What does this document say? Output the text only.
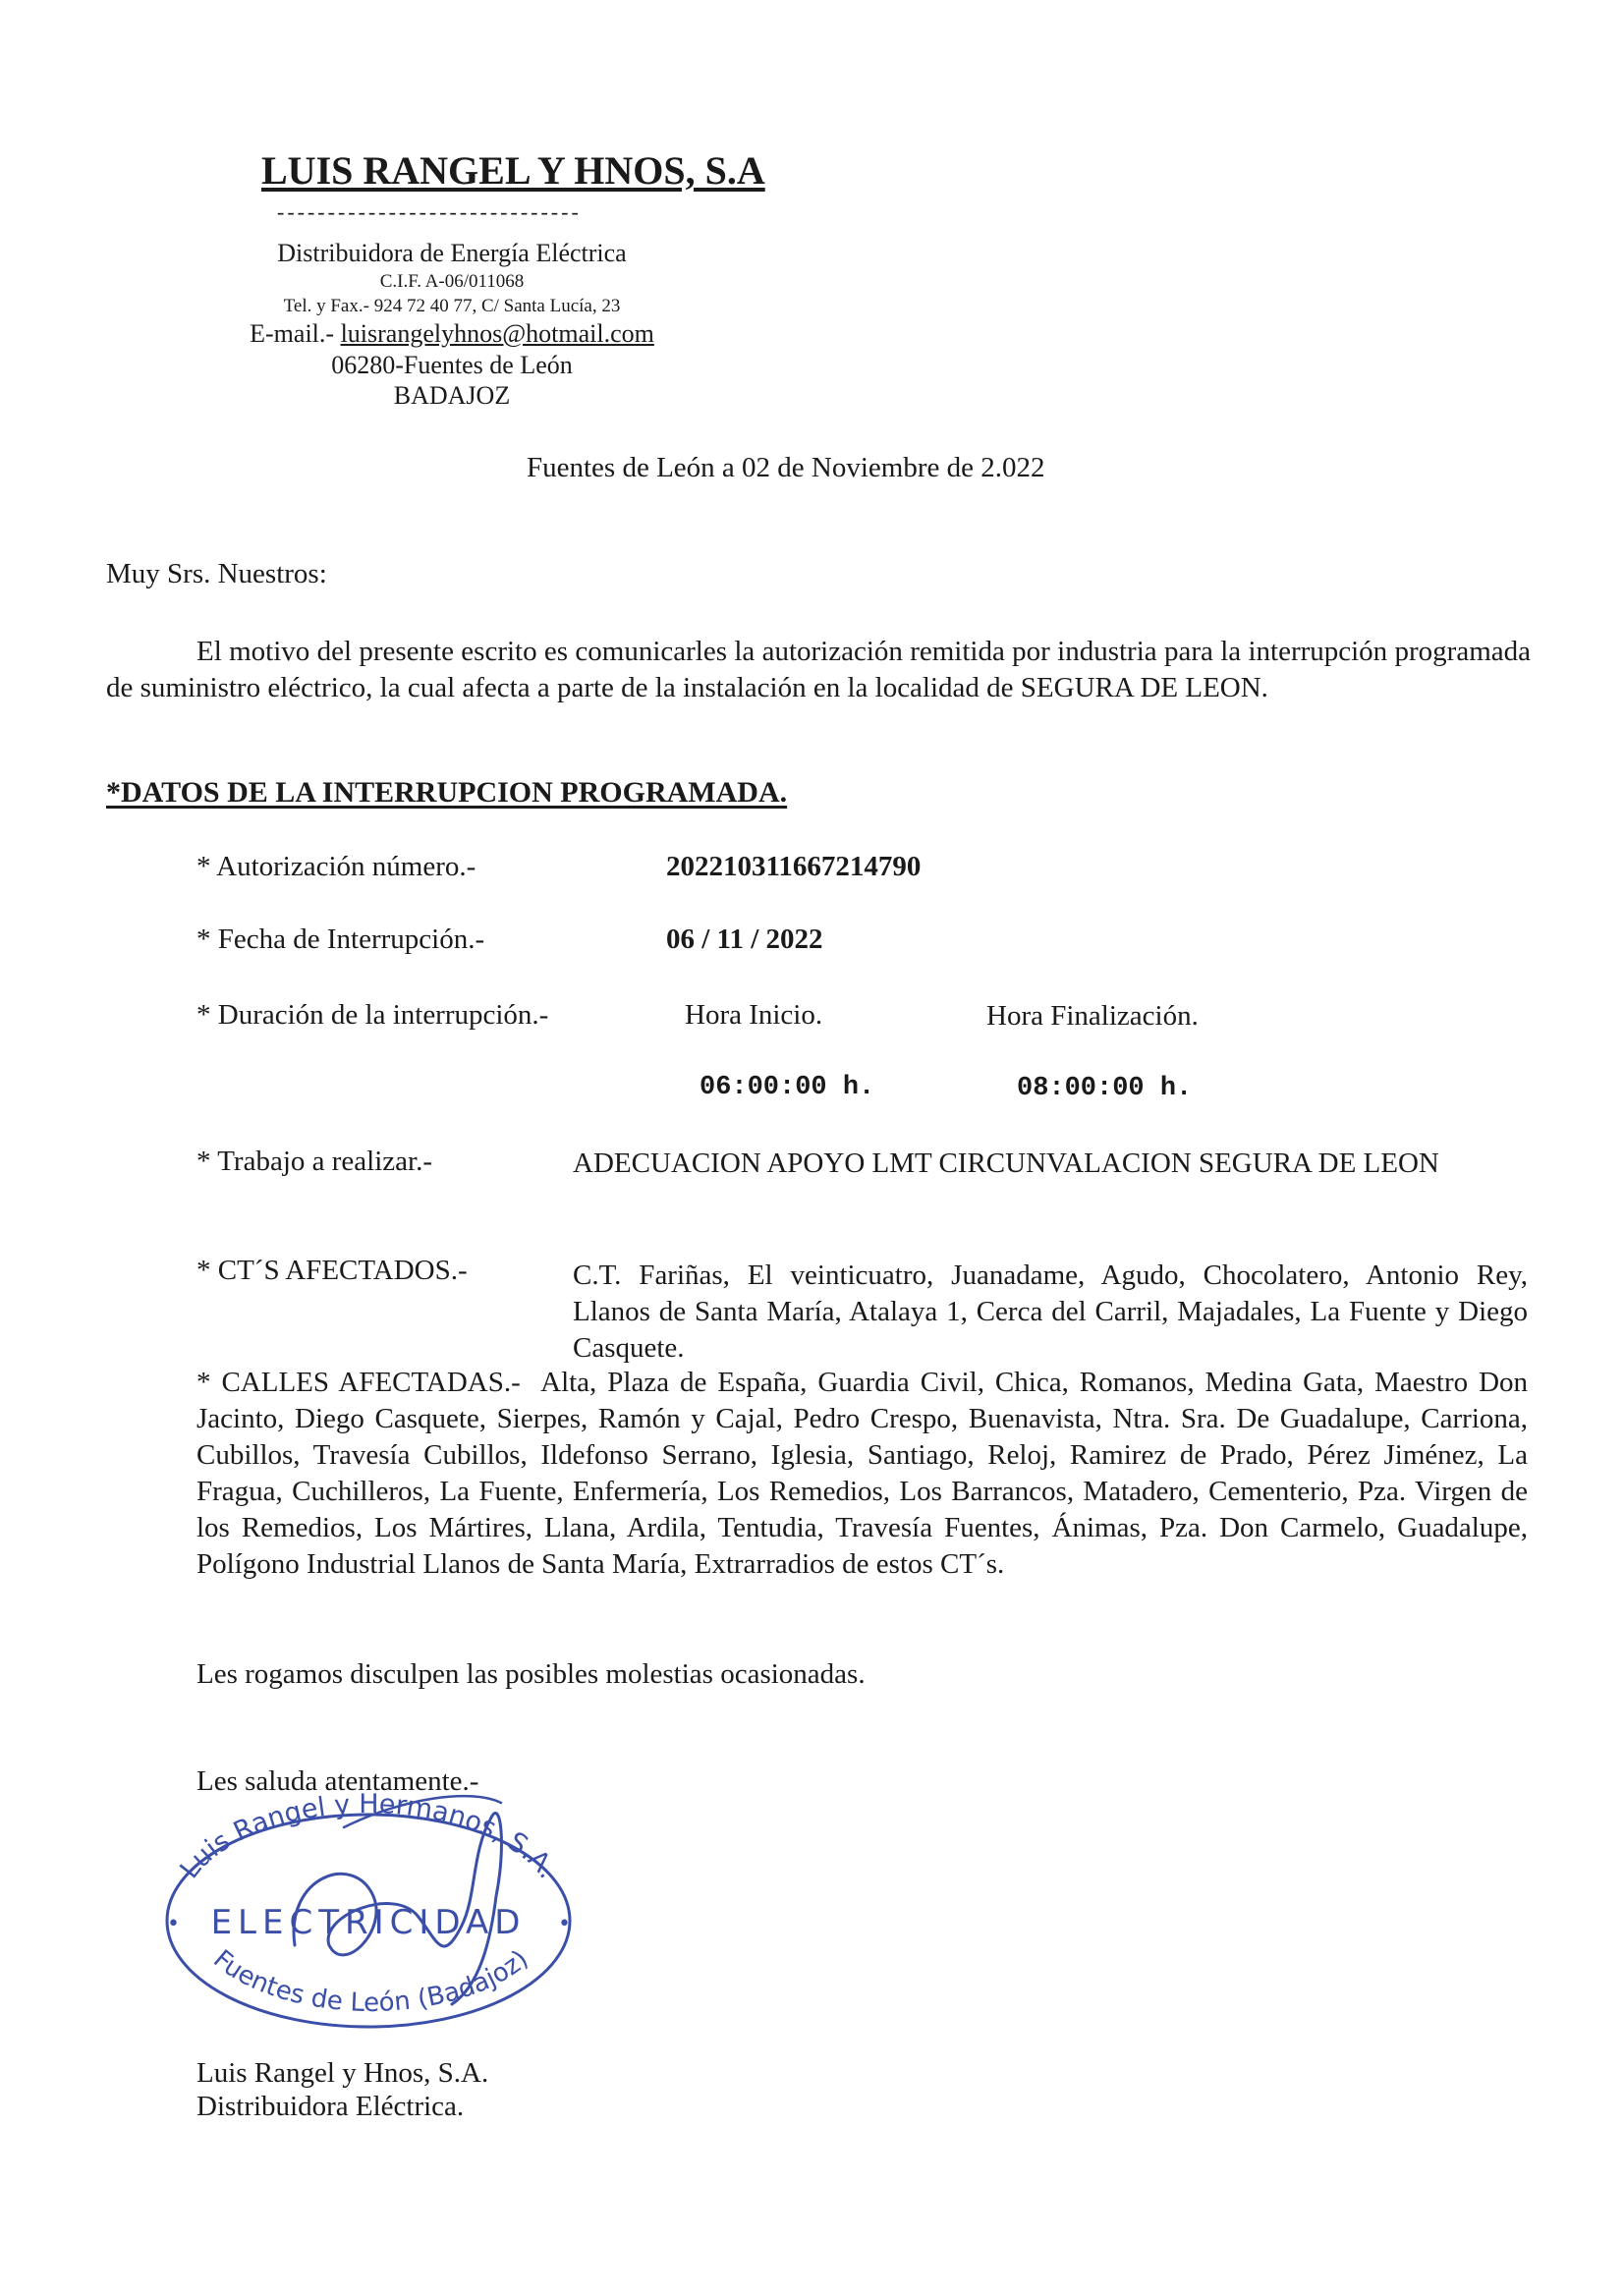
LUIS RANGEL Y HNOS, S.A
------------------------------
Distribuidora de Energía Eléctrica
C.I.F. A-06/011068
Tel. y Fax.- 924 72 40 77, C/ Santa Lucía, 23
E-mail.- luisrangelyhnos@hotmail.com
06280-Fuentes de León
BADAJOZ
Fuentes de León a 02 de Noviembre de 2.022
Muy Srs. Nuestros:
El motivo del presente escrito es comunicarles la autorización remitida por industria para la interrupción programada de suministro eléctrico, la cual afecta a parte de la instalación en la localidad de SEGURA DE LEON.
*DATOS DE LA INTERRUPCION PROGRAMADA.
* Autorización número.-	202210311667214790
* Fecha de Interrupción.-	06 / 11 / 2022
* Duración de la interrupción.-	Hora Inicio.	Hora Finalización.
06:00:00 h.	08:00:00 h.
* Trabajo a realizar.-	ADECUACION APOYO LMT CIRCUNVALACION SEGURA DE LEON
* CT´S AFECTADOS.-	C.T. Fariñas, El veinticuatro, Juanadame, Agudo, Chocolatero, Antonio Rey, Llanos de Santa María, Atalaya 1, Cerca del Carril, Majadales, La Fuente y Diego Casquete.
* CALLES AFECTADAS.- Alta, Plaza de España, Guardia Civil, Chica, Romanos, Medina Gata, Maestro Don Jacinto, Diego Casquete, Sierpes, Ramón y Cajal, Pedro Crespo, Buenavista, Ntra. Sra. De Guadalupe, Carriona, Cubillos, Travesía Cubillos, Ildefonso Serrano, Iglesia, Santiago, Reloj, Ramirez de Prado, Pérez Jiménez, La Fragua, Cuchilleros, La Fuente, Enfermería, Los Remedios, Los Barrancos, Matadero, Cementerio, Pza. Virgen de los Remedios, Los Mártires, Llana, Ardila, Tentudia, Travesía Fuentes, Ánimas, Pza. Don Carmelo, Guadalupe, Polígono Industrial Llanos de Santa María, Extrarradios de estos CT´s.
Les rogamos disculpen las posibles molestias ocasionadas.
Les saluda atentamente.-
Luis Rangel y Hermanos, S.A.
ELECTRICIDAD
Fuentes de León (Badajoz)
•	•
Luis Rangel y Hnos, S.A.
Distribuidora Eléctrica.
